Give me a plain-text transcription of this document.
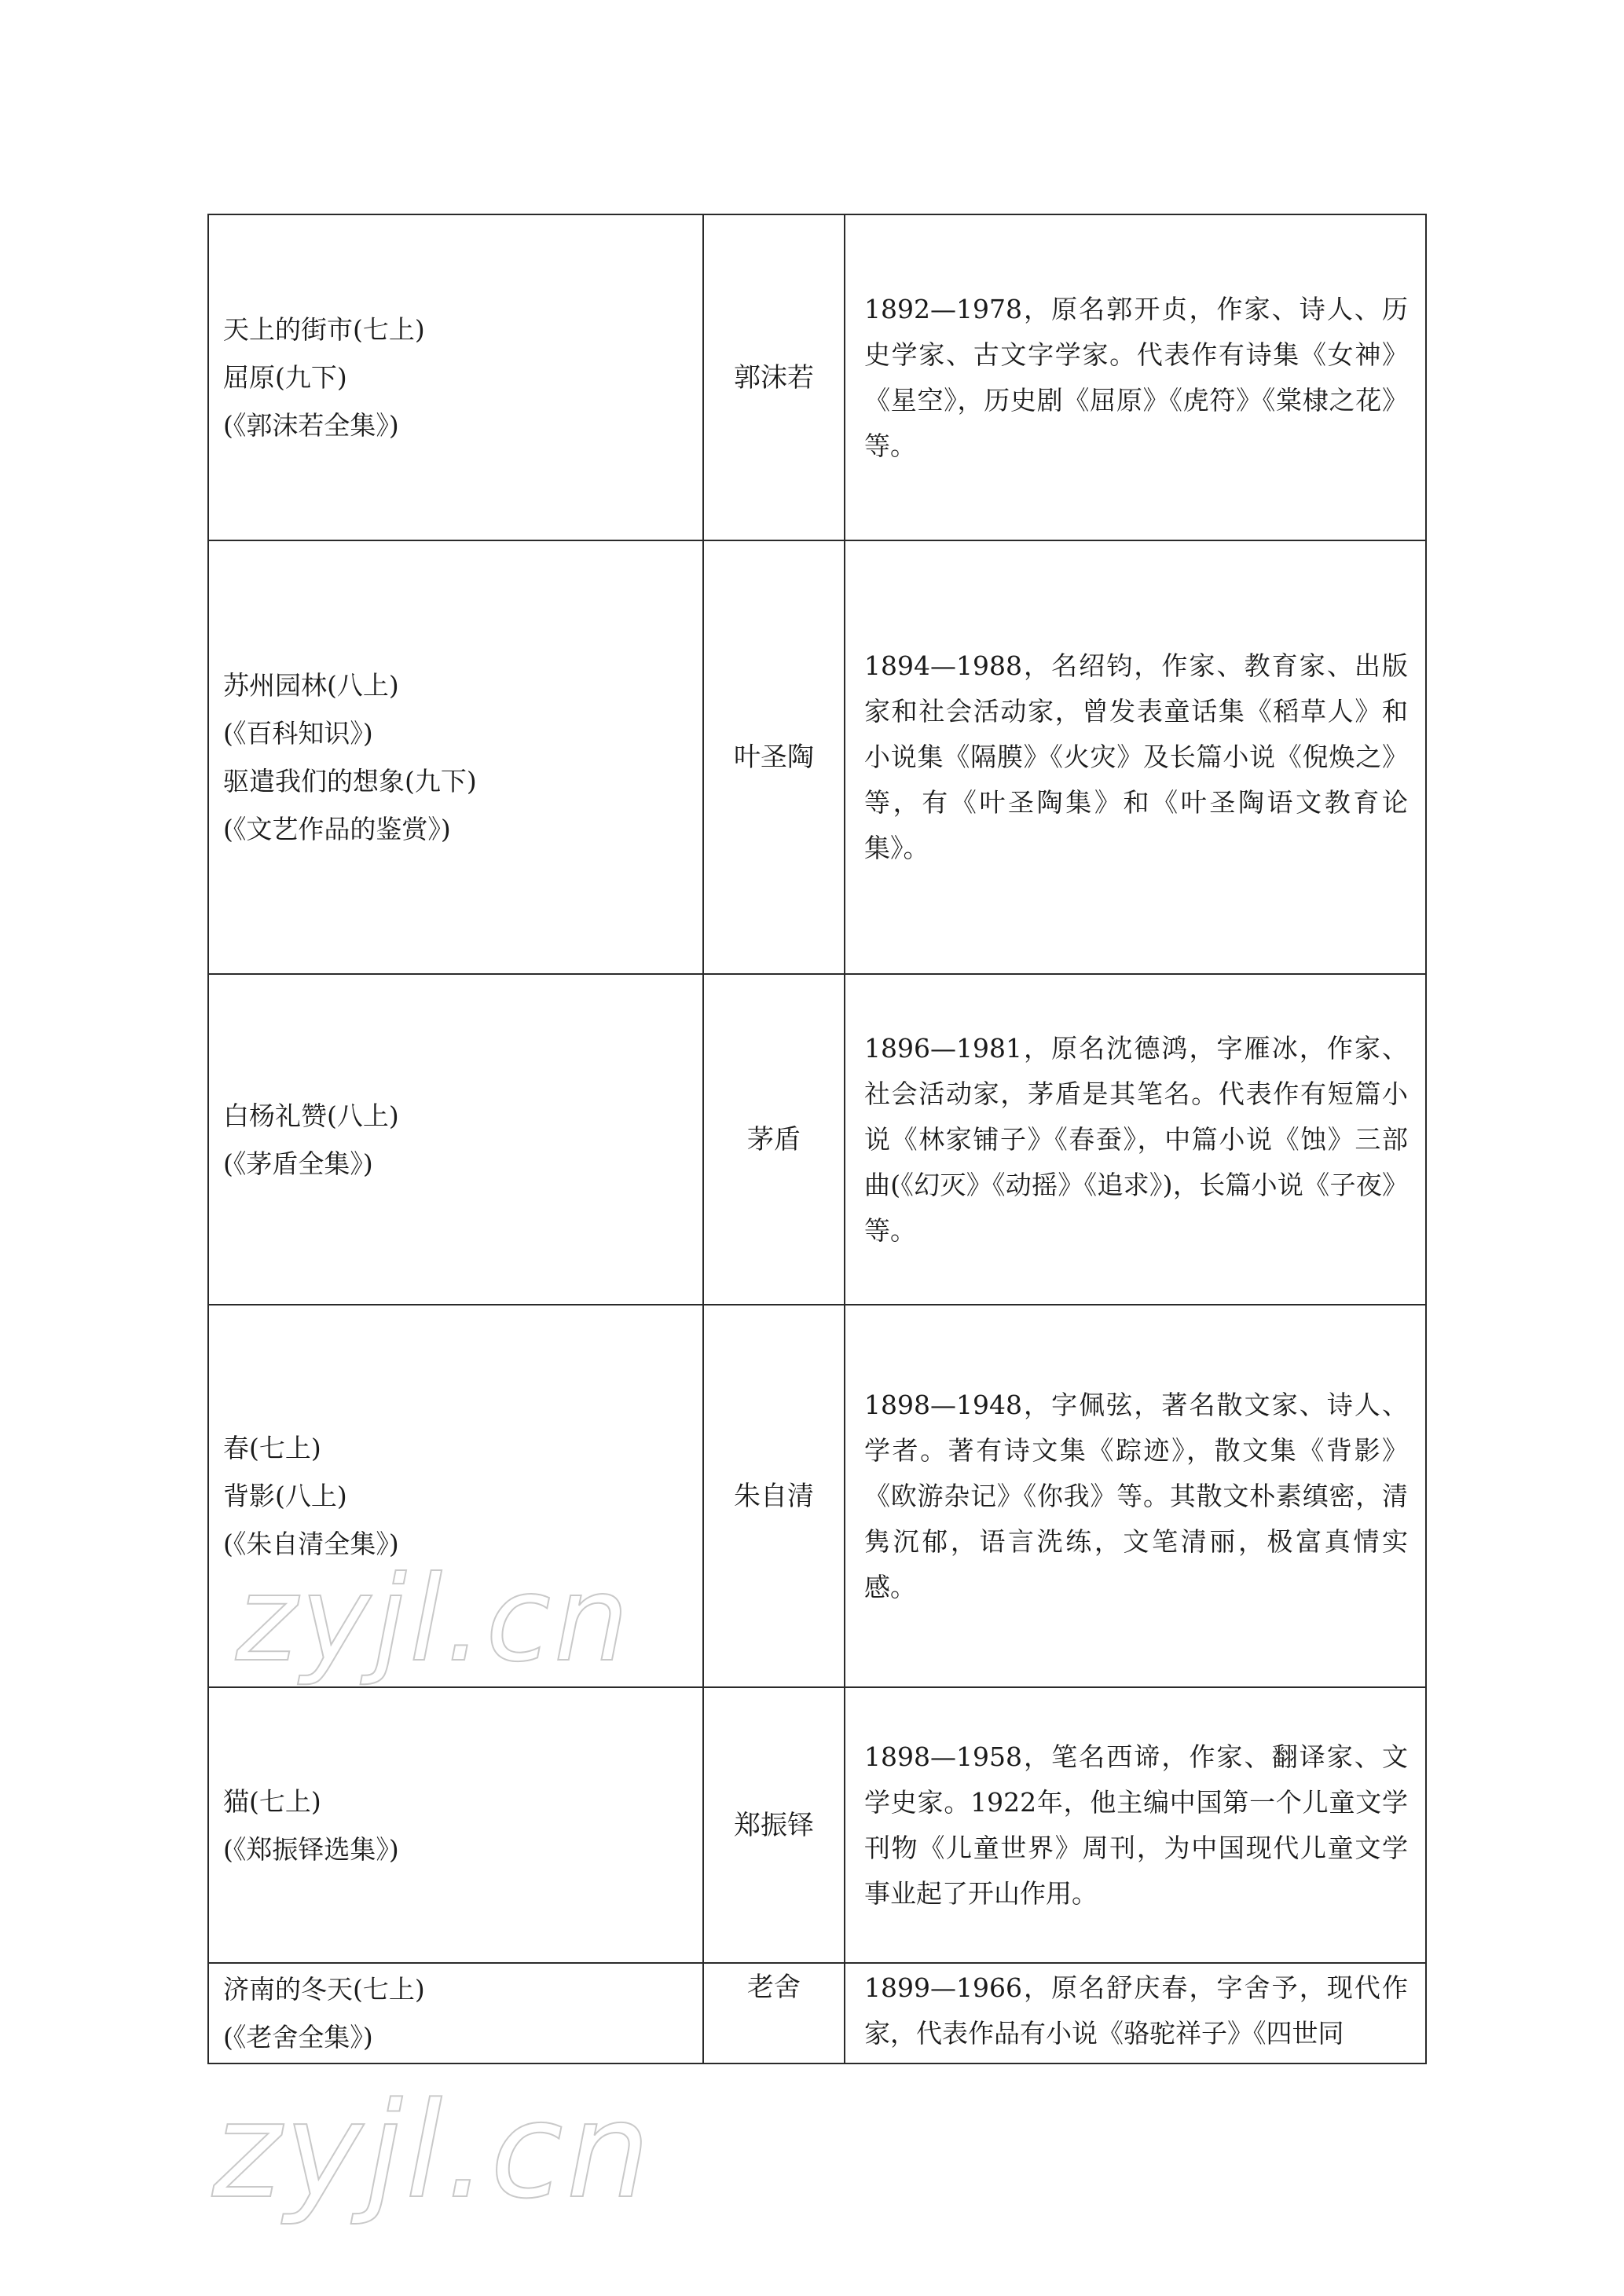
天上的街市(七上)
屈原(九下)
(《郭沫若全集》)	郭沫若	1892—1978，原名郭开贞，作家、诗人、历史学家、古文字学家。代表作有诗集《女神》《星空》，历史剧《屈原》《虎符》《棠棣之花》等。

苏州园林(八上)
(《百科知识》)
驱遣我们的想象(九下)
(《文艺作品的鉴赏》)	叶圣陶	1894—1988，名绍钧，作家、教育家、出版家和社会活动家，曾发表童话集《稻草人》和小说集《隔膜》《火灾》及长篇小说《倪焕之》等，有《叶圣陶集》和《叶圣陶语文教育论集》。

白杨礼赞(八上)
(《茅盾全集》)	茅盾	1896—1981，原名沈德鸿，字雁冰，作家、社会活动家，茅盾是其笔名。代表作有短篇小说《林家铺子》《春蚕》，中篇小说《蚀》三部曲(《幻灭》《动摇》《追求》)，长篇小说《子夜》等。

春(七上)
背影(八上)
(《朱自清全集》)	朱自清	1898—1948，字佩弦，著名散文家、诗人、学者。著有诗文集《踪迹》，散文集《背影》《欧游杂记》《你我》等。其散文朴素缜密，清隽沉郁，语言洗练，文笔清丽，极富真情实感。

猫(七上)
(《郑振铎选集》)	郑振铎	1898—1958，笔名西谛，作家、翻译家、文学史家。1922年，他主编中国第一个儿童文学刊物《儿童世界》周刊，为中国现代儿童文学事业起了开山作用。

济南的冬天(七上)
(《老舍全集》)	老舍	1899—1966，原名舒庆春，字舍予，现代作家，代表作品有小说《骆驼祥子》《四世同
zyjl.cn
zyjl.cn
